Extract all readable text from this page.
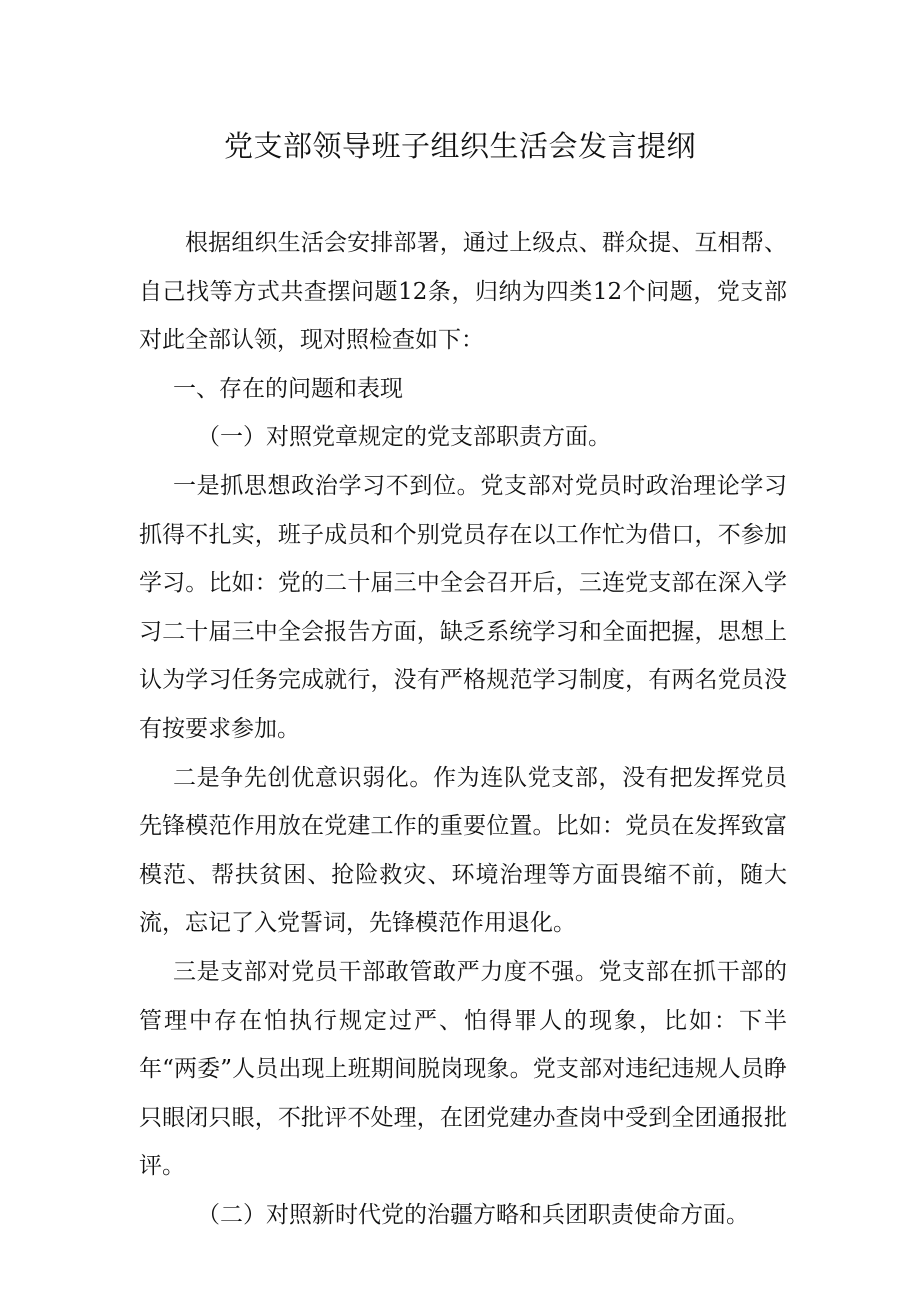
党支部领导班子组织生活会发言提纲

根据组织生活会安排部署，通过上级点、群众提、互相帮、自己找等方式共查摆问题12条，归纳为四类12个问题，党支部对此全部认领，现对照检查如下：

一、存在的问题和表现

（一）对照党章规定的党支部职责方面。

一是抓思想政治学习不到位。党支部对党员时政治理论学习抓得不扎实，班子成员和个别党员存在以工作忙为借口，不参加学习。比如：党的二十届三中全会召开后，三连党支部在深入学习二十届三中全会报告方面，缺乏系统学习和全面把握，思想上认为学习任务完成就行，没有严格规范学习制度，有两名党员没有按要求参加。

二是争先创优意识弱化。作为连队党支部，没有把发挥党员先锋模范作用放在党建工作的重要位置。比如：党员在发挥致富模范、帮扶贫困、抢险救灾、环境治理等方面畏缩不前，随大流，忘记了入党誓词，先锋模范作用退化。

三是支部对党员干部敢管敢严力度不强。党支部在抓干部的管理中存在怕执行规定过严、怕得罪人的现象，比如：下半年“两委”人员出现上班期间脱岗现象。党支部对违纪违规人员睁只眼闭只眼，不批评不处理，在团党建办查岗中受到全团通报批评。

（二）对照新时代党的治疆方略和兵团职责使命方面。
